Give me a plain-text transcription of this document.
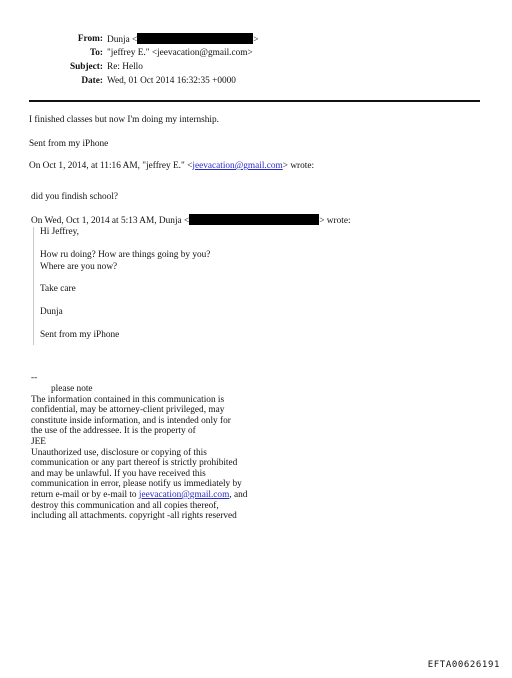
From: Dunja <	>
To: "jeffrey E." <jeevacation@gmail.com>
Subject: Re: Hello
Date: Wed, 01 Oct 2014 16:32:35 +0000
I finished classes but now I'm doing my internship.
Sent from my iPhone
On Oct 1, 2014, at 11:16 AM, "jeffrey E." <jeevacation@gmail.com> wrote:
did you findish school?
On Wed, Oct 1, 2014 at 5:13 AM, Dunja <	> wrote:
Hi Jeffrey,
How ru doing? How are things going by you?
Where are you now?
Take care
Dunja
Sent from my iPhone
--
please note
The information contained in this communication is
confidential, may be attorney-client privileged, may
constitute inside information, and is intended only for
the use of the addressee. It is the property of
JEE
Unauthorized use, disclosure or copying of this
communication or any part thereof is strictly prohibited
and may be unlawful. If you have received this
communication in error, please notify us immediately by
return e-mail or by e-mail to jeevacation@gmail.com, and
destroy this communication and all copies thereof,
including all attachments. copyright -all rights reserved
EFTA00626191
